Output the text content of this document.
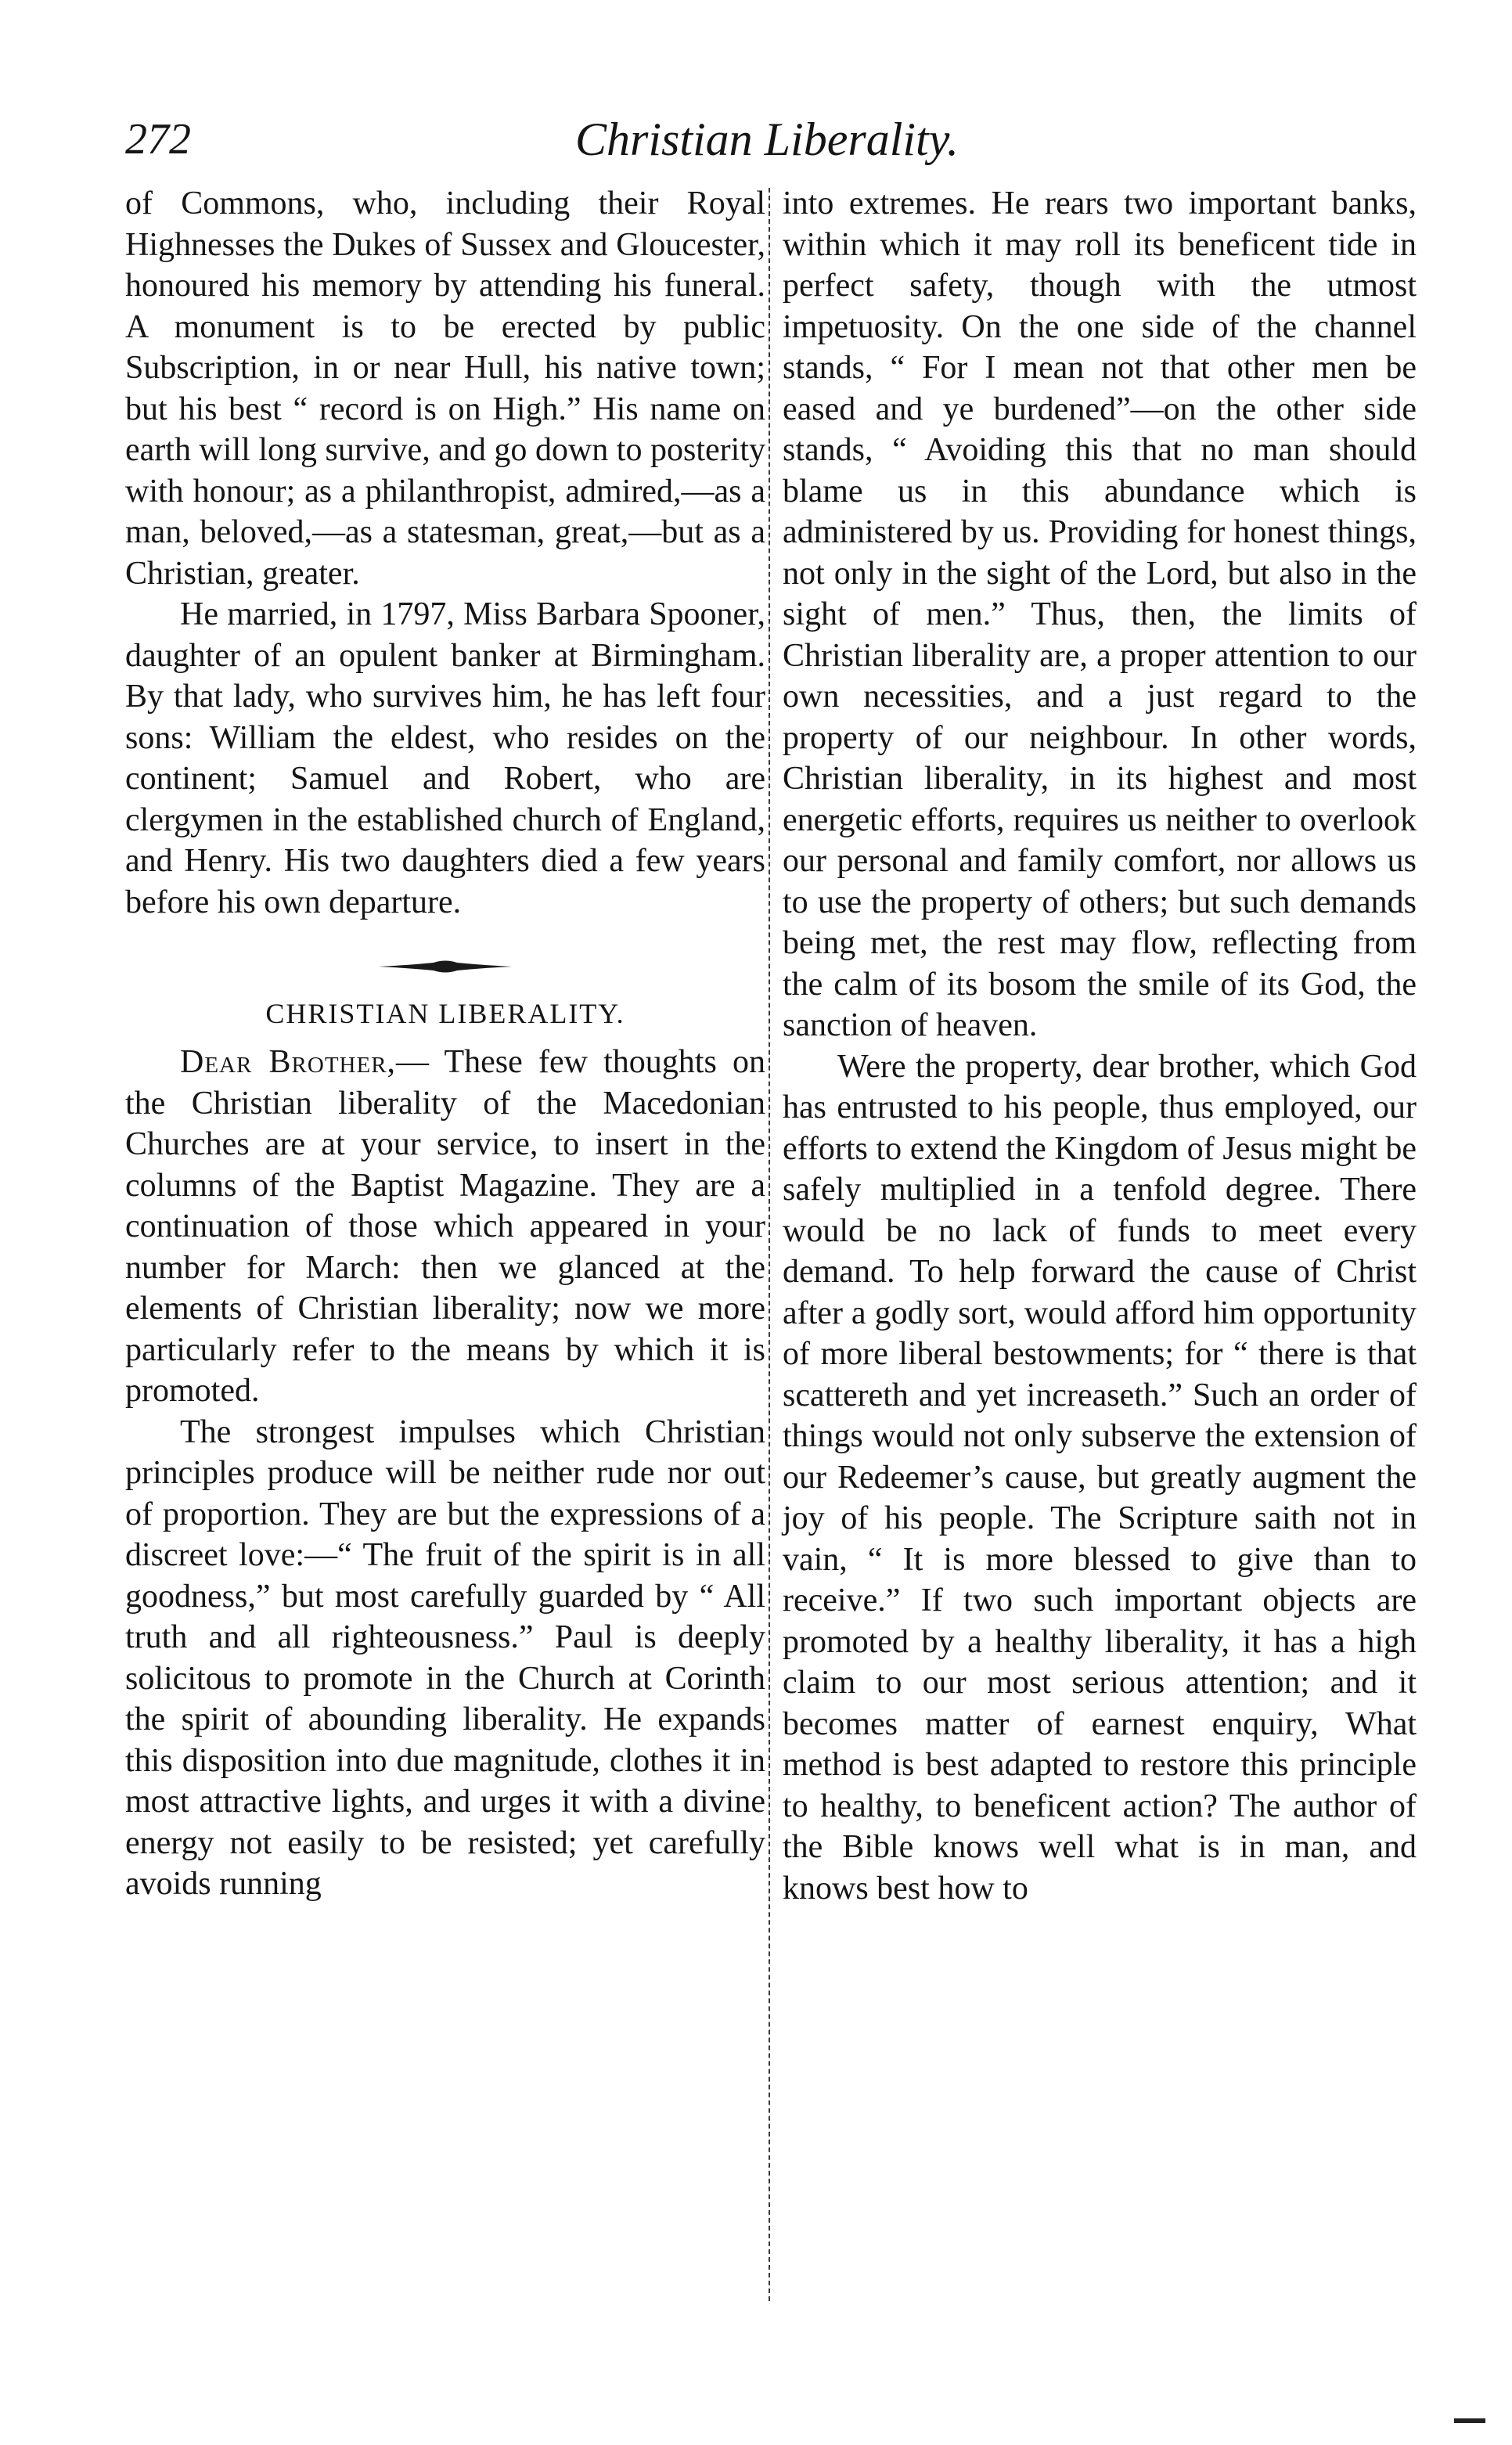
272	Christian Liberality.

of Commons, who, including their Royal Highnesses the Dukes of Sussex and Gloucester, honoured his memory by attending his funeral. A monument is to be erected by public Subscription, in or near Hull, his native town; but his best “ record is on High.” His name on earth will long survive, and go down to posterity with honour; as a philanthropist, admired,—as a man, beloved,—as a statesman, great,—but as a Christian, greater.

He married, in 1797, Miss Barbara Spooner, daughter of an opulent banker at Birmingham. By that lady, who survives him, he has left four sons: William the eldest, who resides on the continent; Samuel and Robert, who are clergymen in the established church of England, and Henry. His two daughters died a few years before his own departure.

CHRISTIAN LIBERALITY.

Dear Brother,— These few thoughts on the Christian liberality of the Macedonian Churches are at your service, to insert in the columns of the Baptist Magazine. They are a continuation of those which appeared in your number for March: then we glanced at the elements of Christian liberality; now we more particularly refer to the means by which it is promoted.

The strongest impulses which Christian principles produce will be neither rude nor out of proportion. They are but the expressions of a discreet love:—“ The fruit of the spirit is in all goodness,” but most carefully guarded by “ All truth and all righteousness.” Paul is deeply solicitous to promote in the Church at Corinth the spirit of abounding liberality. He expands this disposition into due magnitude, clothes it in most attractive lights, and urges it with a divine energy not easily to be resisted; yet carefully avoids running

into extremes. He rears two important banks, within which it may roll its beneficent tide in perfect safety, though with the utmost impetuosity. On the one side of the channel stands, “ For I mean not that other men be eased and ye burdened”—on the other side stands, “ Avoiding this that no man should blame us in this abundance which is administered by us. Providing for honest things, not only in the sight of the Lord, but also in the sight of men.” Thus, then, the limits of Christian liberality are, a proper attention to our own necessities, and a just regard to the property of our neighbour. In other words, Christian liberality, in its highest and most energetic efforts, requires us neither to overlook our personal and family comfort, nor allows us to use the property of others; but such demands being met, the rest may flow, reflecting from the calm of its bosom the smile of its God, the sanction of heaven.

Were the property, dear brother, which God has entrusted to his people, thus employed, our efforts to extend the Kingdom of Jesus might be safely multiplied in a tenfold degree. There would be no lack of funds to meet every demand. To help forward the cause of Christ after a godly sort, would afford him opportunity of more liberal bestowments; for “ there is that scattereth and yet increaseth.” Such an order of things would not only subserve the extension of our Redeemer’s cause, but greatly augment the joy of his people. The Scripture saith not in vain, “ It is more blessed to give than to receive.” If two such important objects are promoted by a healthy liberality, it has a high claim to our most serious attention; and it becomes matter of earnest enquiry, What method is best adapted to restore this principle to healthy, to beneficent action? The author of the Bible knows well what is in man, and knows best how to
